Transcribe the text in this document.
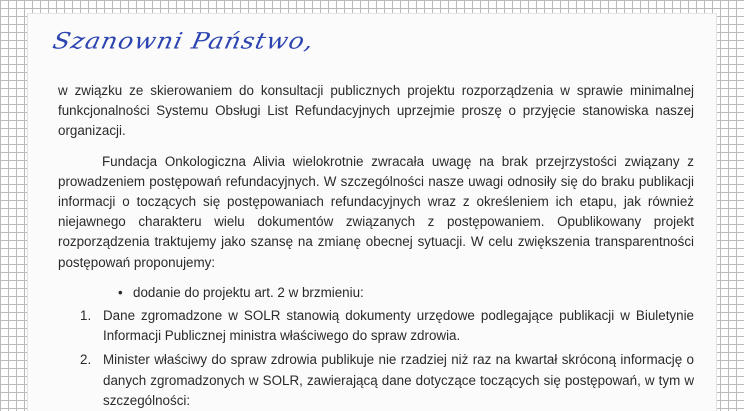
Szanowni Państwo,

w związku ze skierowaniem do konsultacji publicznych projektu rozporządzenia w sprawie minimalnej funkcjonalności Systemu Obsługi List Refundacyjnych uprzejmie proszę o przyjęcie stanowiska naszej organizacji.

Fundacja Onkologiczna Alivia wielokrotnie zwracała uwagę na brak przejrzystości związany z prowadzeniem postępowań refundacyjnych. W szczególności nasze uwagi odnosiły się do braku publikacji informacji o toczących się postępowaniach refundacyjnych wraz z określeniem ich etapu, jak również niejawnego charakteru wielu dokumentów związanych z postępowaniem. Opublikowany projekt rozporządzenia traktujemy jako szansę na zmianę obecnej sytuacji. W celu zwiększenia transparentności postępowań proponujemy:

• dodanie do projektu art. 2 w brzmieniu:
1. Dane zgromadzone w SOLR stanowią dokumenty urzędowe podlegające publikacji w Biuletynie Informacji Publicznej ministra właściwego do spraw zdrowia.
2. Minister właściwy do spraw zdrowia publikuje nie rzadziej niż raz na kwartał skróconą informację o danych zgromadzonych w SOLR, zawierającą dane dotyczące toczących się postępowań, w tym w szczególności:
